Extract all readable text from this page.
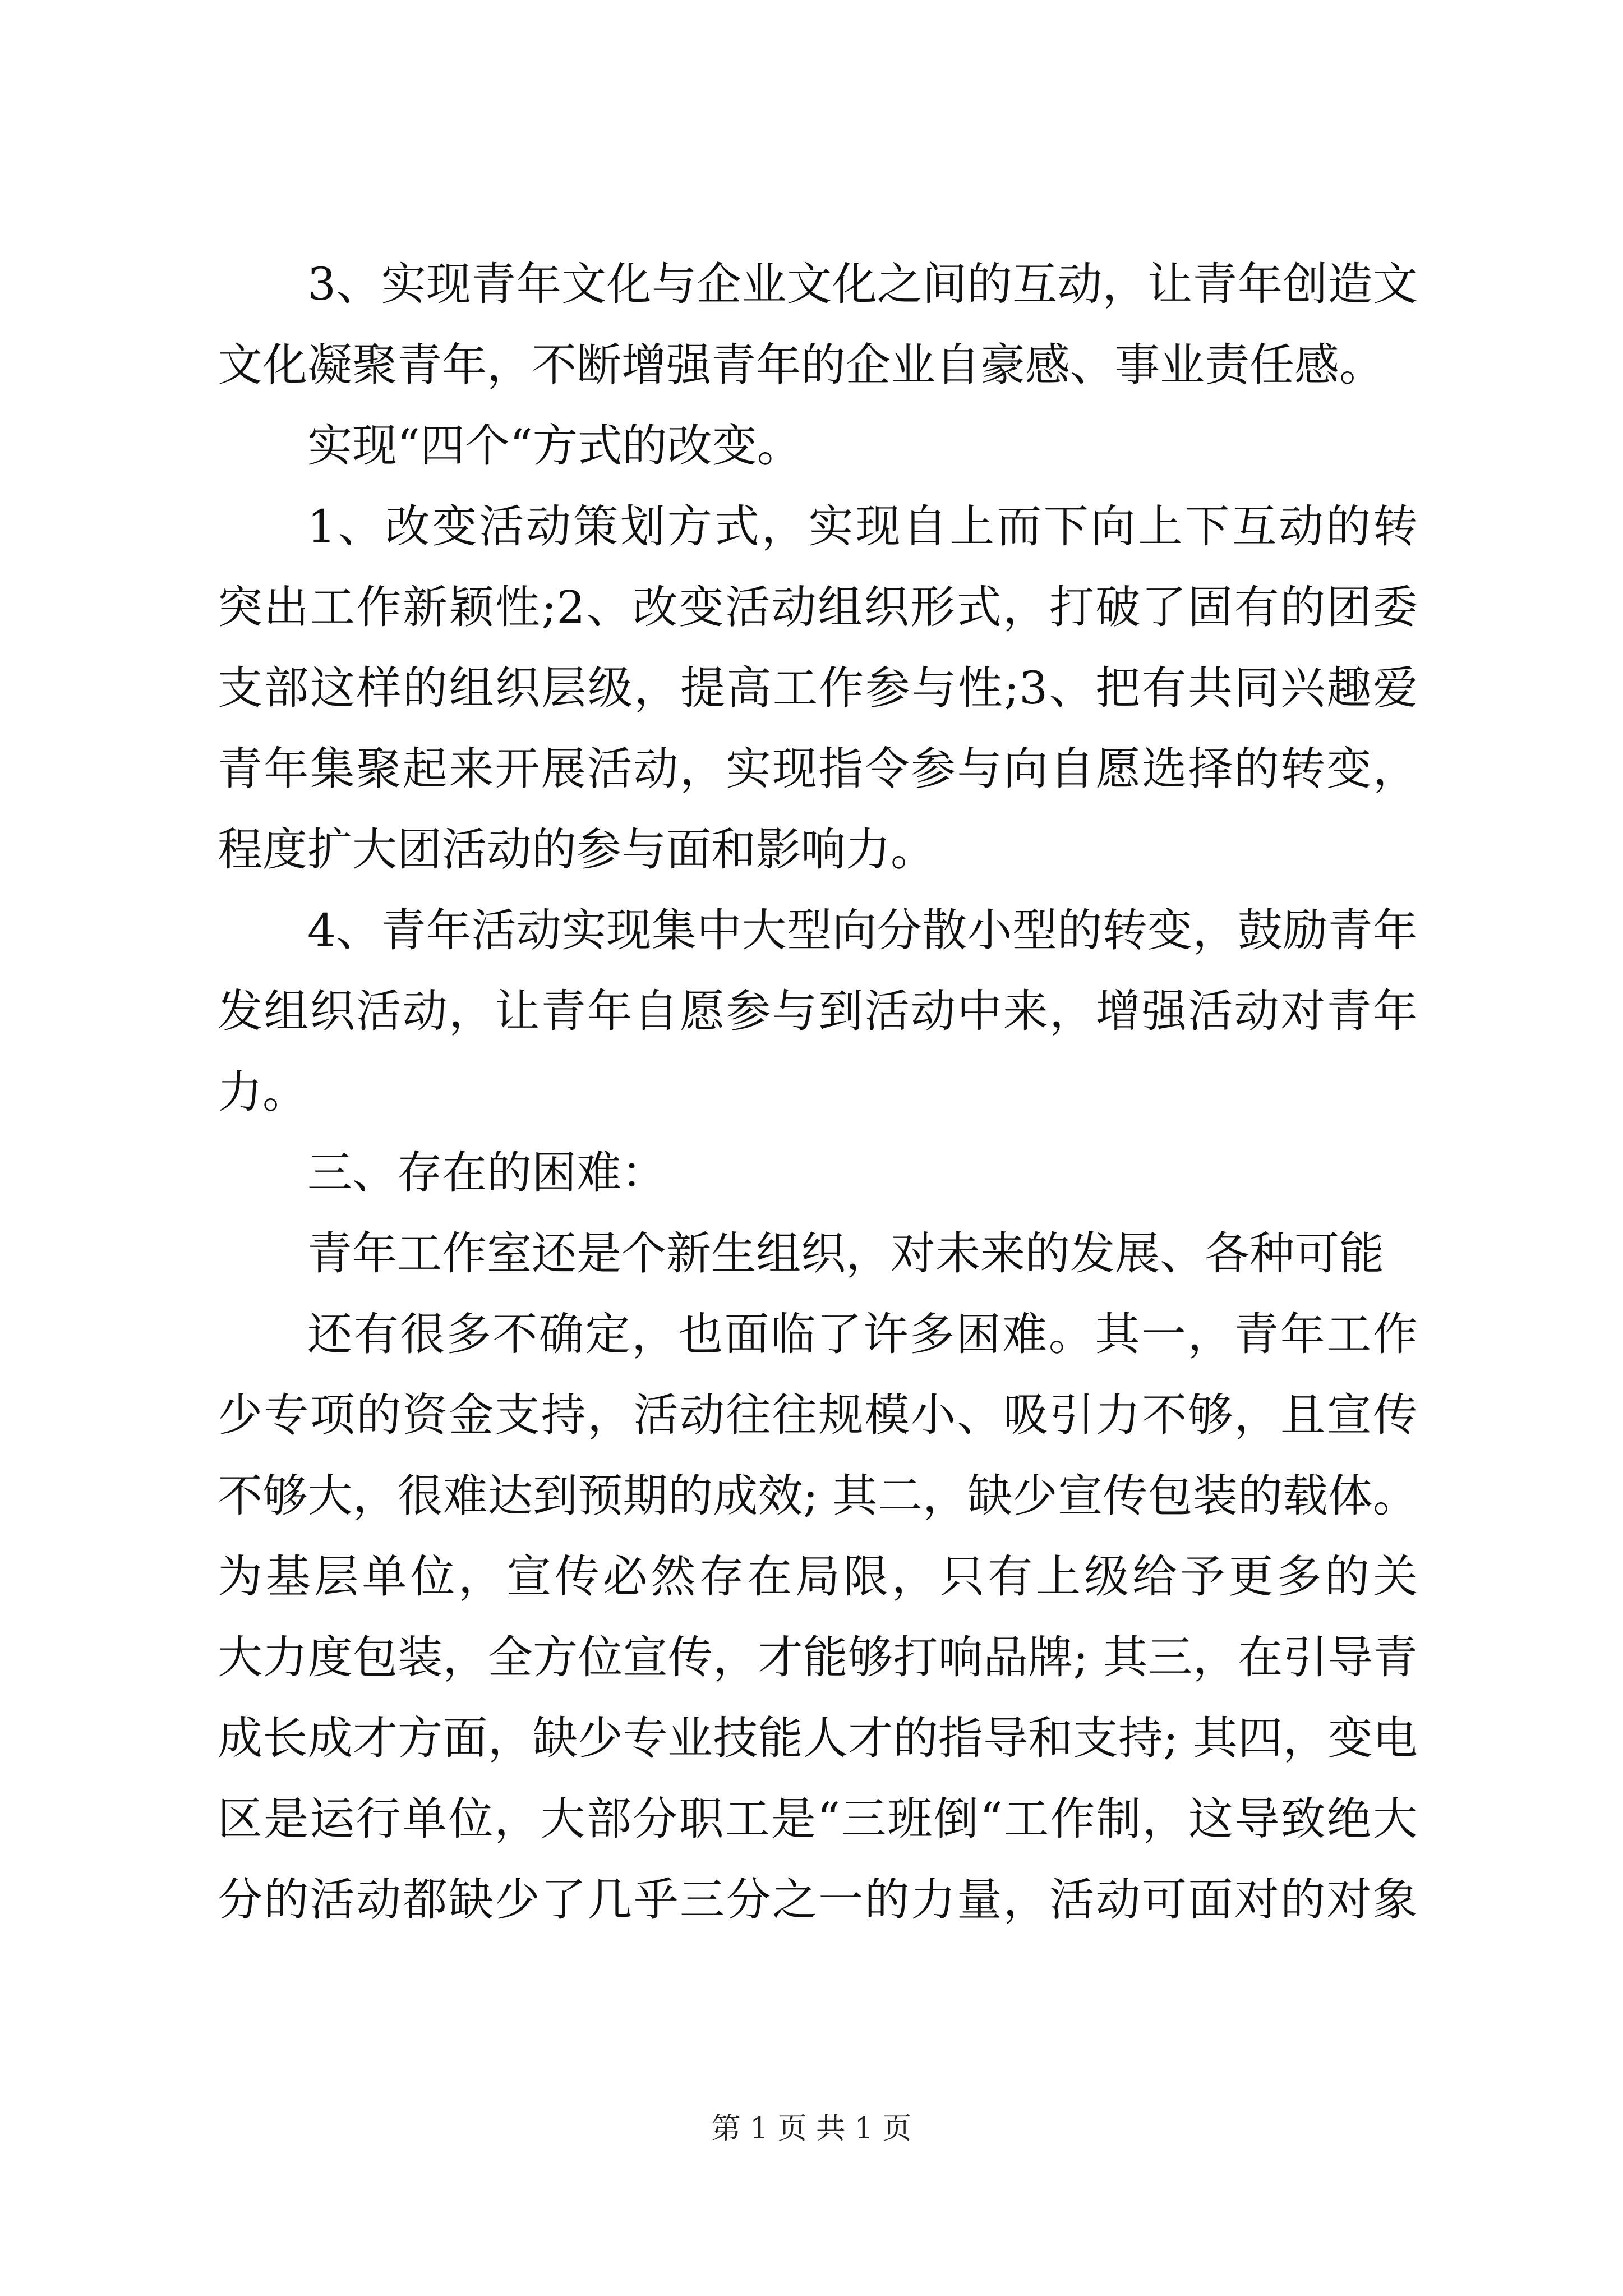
3、实现青年文化与企业文化之间的互动，让青年创造文
文化凝聚青年，不断增强青年的企业自豪感、事业责任感。
实现“四个“方式的改变。
1、改变活动策划方式，实现自上而下向上下互动的转
突出工作新颖性;2、改变活动组织形式，打破了固有的团委
支部这样的组织层级，提高工作参与性;3、把有共同兴趣爱
青年集聚起来开展活动，实现指令参与向自愿选择的转变，
程度扩大团活动的参与面和影响力。
4、青年活动实现集中大型向分散小型的转变，鼓励青年
发组织活动，让青年自愿参与到活动中来，增强活动对青年
力。
三、存在的困难：
青年工作室还是个新生组织，对未来的发展、各种可能
还有很多不确定，也面临了许多困难。其一，青年工作
少专项的资金支持，活动往往规模小、吸引力不够，且宣传
不够大，很难达到预期的成效; 其二，缺少宣传包装的载体。
为基层单位，宣传必然存在局限，只有上级给予更多的关
大力度包装，全方位宣传，才能够打响品牌; 其三，在引导青
成长成才方面，缺少专业技能人才的指导和支持; 其四，变电
区是运行单位，大部分职工是“三班倒“工作制，这导致绝大
分的活动都缺少了几乎三分之一的力量，活动可面对的对象
第 1 页 共 1 页
